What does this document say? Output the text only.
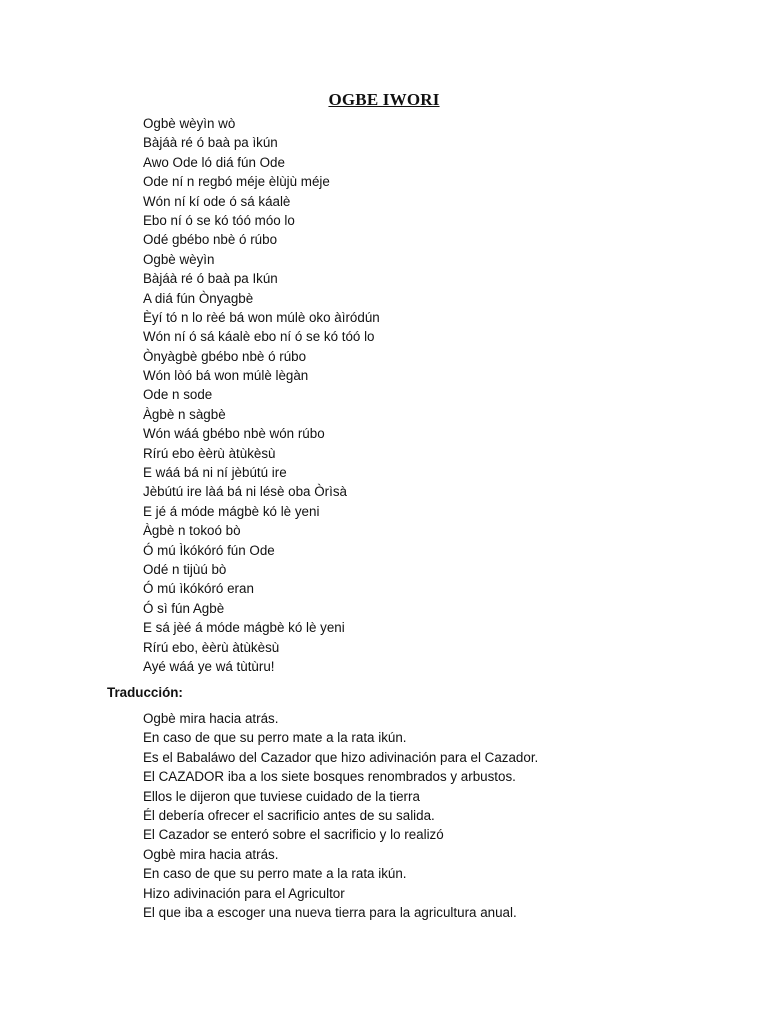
OGBE IWORI
Ogbè wèyìn wò
Bàjáà ré ó baà pa ìkún
Awo Ode ló diá fún Ode
Ode ní n regbó méje èlùjù méje
Wón ní kí ode ó sá káalè
Ebo ní ó se kó tóó móo lo
Odé gbébo nbè ó rúbo
Ogbè wèyìn
Bàjáà ré ó baà pa Ikún
A diá fún Ònyagbè
Èyí tó n lo rèé bá won múlè oko àìródún
Wón ní ó sá káalè ebo ní ó se kó tóó lo
Ònyàgbè gbébo nbè ó rúbo
Wón lòó bá won múlè lègàn
Ode n sode
Àgbè n sàgbè
Wón wáá gbébo nbè wón rúbo
Rírú ebo èèrù àtùkèsù
E wáá bá ni ní jèbútú ire
Jèbútú ire làá bá ni lésè oba Òrìsà
E jé á móde mágbè kó lè yeni
Àgbè n tokoó bò
Ó mú Ìkókóró fún Ode
Odé n tijùú bò
Ó mú ìkókóró eran
Ó sì fún Agbè
E sá jèé á móde mágbè kó lè yeni
Rírú ebo, èèrù àtùkèsù
Ayé wáá ye wá tùtùru!
Traducción:
Ogbè mira hacia atrás.
En caso de que su perro mate a la rata ikún.
Es el Babaláwo del Cazador que hizo adivinación para el Cazador.
El CAZADOR iba a los siete bosques renombrados y arbustos.
Ellos le dijeron que tuviese cuidado de la tierra
Él debería ofrecer el sacrificio antes de su salida.
El Cazador se enteró sobre el sacrificio y lo realizó
Ogbè mira hacia atrás.
En caso de que su perro mate a la rata ikún.
Hizo adivinación para el Agricultor
El que iba a escoger una nueva tierra para la agricultura anual.
